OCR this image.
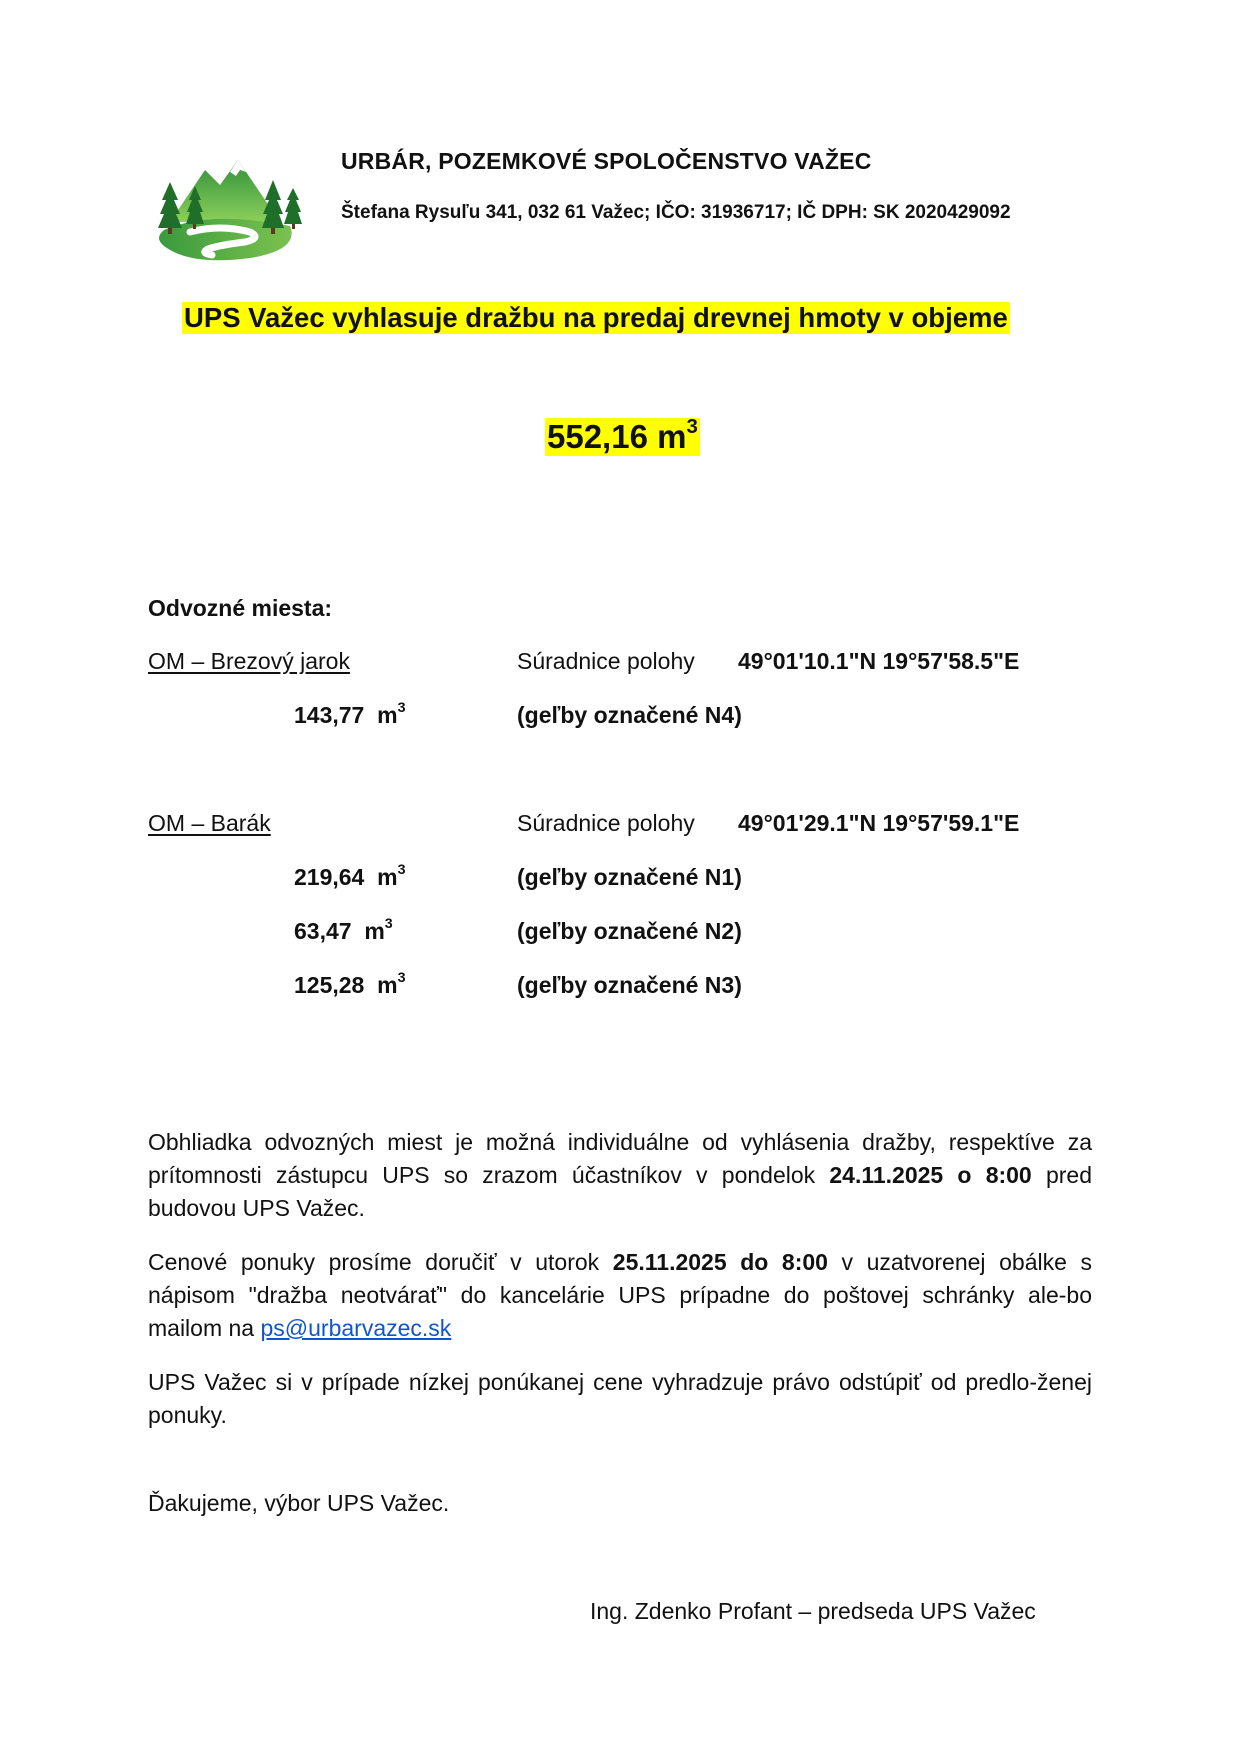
URBÁR, POZEMKOVÉ SPOLOČENSTVO VAŽEC
Štefana Rysuľu 341, 032 61 Važec; IČO: 31936717; IČ DPH: SK 2020429092
UPS Važec vyhlasuje dražbu na predaj drevnej hmoty v objeme
552,16 $m^3$
Odvozné miesta:
OM – Brezový jarok	Súradnice polohy 49°01'10.1"N 19°57'58.5"E
143,77 $m^3$	(geľby označené N4)
OM – Barák	Súradnice polohy 49°01'29.1"N 19°57'59.1"E
219,64 $m^3$	(geľby označené N1)
63,47 $m^3$	(geľby označené N2)
125,28 $m^3$	(geľby označené N3)
Obhliadka odvozných miest je možná individuálne od vyhlásenia dražby, respektíve za prítomnosti zástupcu UPS so zrazom účastníkov v pondelok 24.11.2025 o 8:00 pred budovou UPS Važec.
Cenové ponuky prosíme doručiť v utorok 25.11.2025 do 8:00 v uzatvorenej obálke s nápisom "dražba neotvárať" do kancelárie UPS prípadne do poštovej schránky ale-bo mailom na ps@urbarvazec.sk
UPS Važec si v prípade nízkej ponúkanej cene vyhradzuje právo odstúpiť od predlo-ženej ponuky.
Ďakujeme, výbor UPS Važec.
Ing. Zdenko Profant – predseda UPS Važec
